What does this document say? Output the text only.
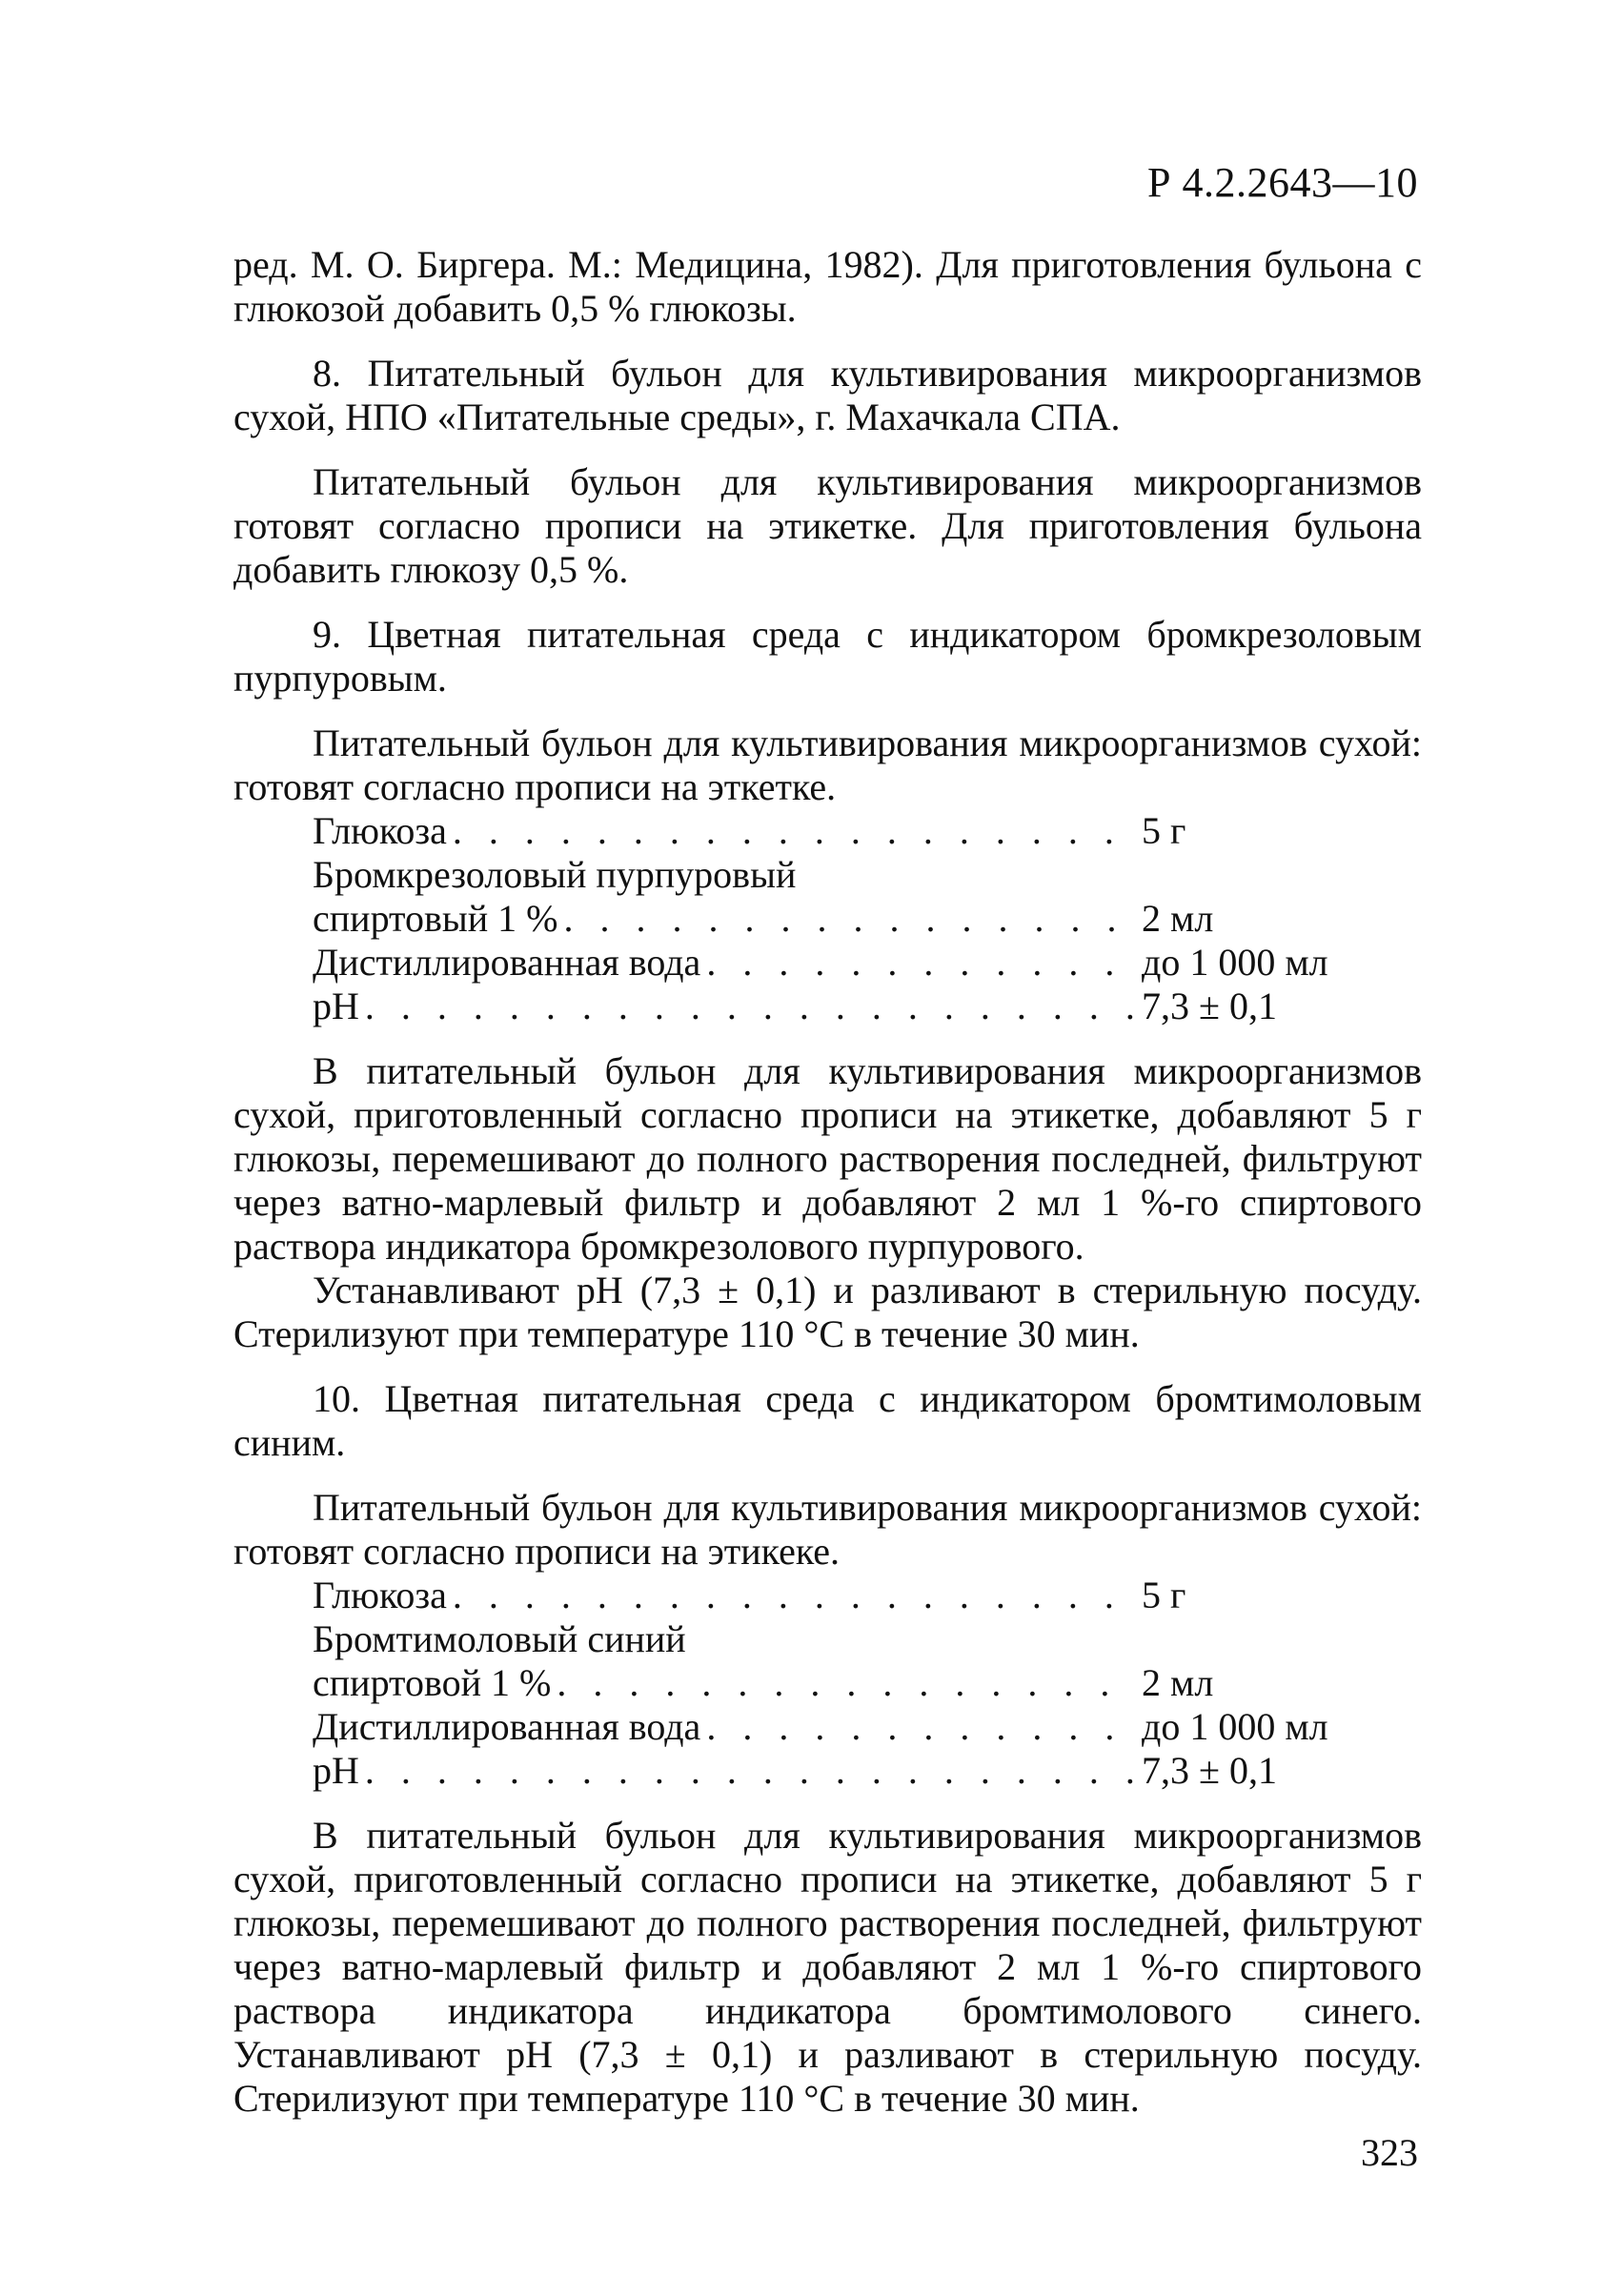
Р 4.2.2643—10

ред. М. О. Биргера. М.: Медицина, 1982). Для приготовления бульона с глюкозой добавить 0,5 % глюкозы.

8. Питательный бульон для культивирования микроорганизмов сухой, НПО «Питательные среды», г. Махачкала СПА.

Питательный бульон для культивирования микроорганизмов готовят согласно прописи на этикетке. Для приготовления бульона добавить глюкозу 0,5 %.

9. Цветная питательная среда с индикатором бромкрезоловым пурпуровым.

Питательный бульон для культивирования микроорганизмов сухой: готовят согласно прописи на эткетке.

Глюкоза . . .	5 г
Бромкрезоловый пурпуровый
спиртовый 1 % . . .	2 мл
Дистиллированная вода . . .	до 1 000 мл
pH . . .	7,3 ± 0,1

В питательный бульон для культивирования микроорганизмов сухой, приготовленный согласно прописи на этикетке, добавляют 5 г глюкозы, перемешивают до полного растворения последней, фильтруют через ватно-марлевый фильтр и добавляют 2 мл 1 %-го спиртового раствора индикатора бромкрезолового пурпурового.

Устанавливают pH (7,3 ± 0,1) и разливают в стерильную посуду. Стерилизуют при температуре 110 °С в течение 30 мин.

10. Цветная питательная среда с индикатором бромтимоловым синим.

Питательный бульон для культивирования микроорганизмов сухой: готовят согласно прописи на этикеке.

Глюкоза . . .	5 г
Бромтимоловый синий
спиртовой 1 % . . .	2 мл
Дистиллированная вода . . .	до 1 000 мл
pH . . .	7,3 ± 0,1

В питательный бульон для культивирования микроорганизмов сухой, приготовленный согласно прописи на этикетке, добавляют 5 г глюкозы, перемешивают до полного растворения последней, фильтруют через ватно-марлевый фильтр и добавляют 2 мл 1 %-го спиртового раствора индикатора индикатора бромтимолового синего. Устанавливают pH (7,3 ± 0,1) и разливают в стерильную посуду. Стерилизуют при температуре 110 °С в течение 30 мин.

323
